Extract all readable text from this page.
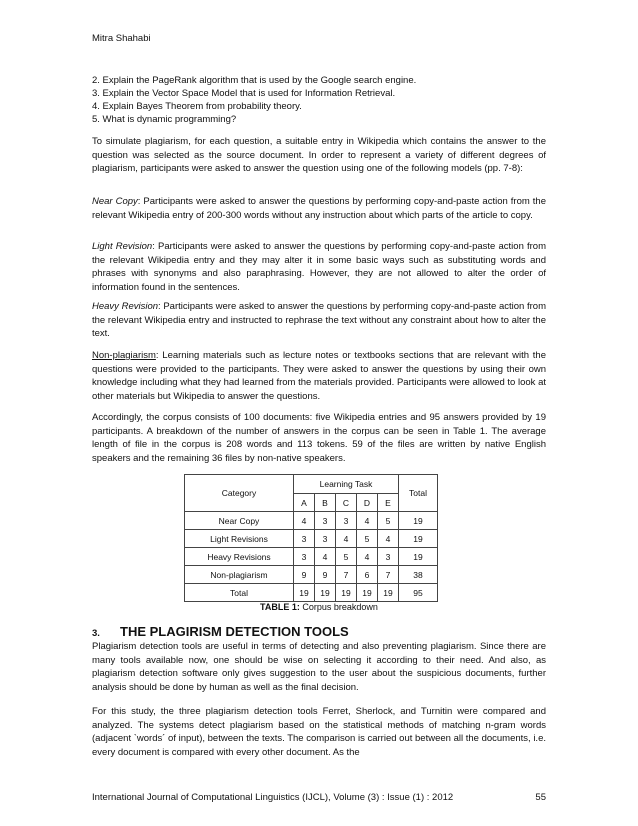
Mitra Shahabi
2. Explain the PageRank algorithm that is used by the Google search engine.
3. Explain the Vector Space Model that is used for Information Retrieval.
4. Explain Bayes Theorem from probability theory.
5. What is dynamic programming?

To simulate plagiarism, for each question, a suitable entry in Wikipedia which contains the answer to the question was selected as the source document. In order to represent a variety of different degrees of plagiarism, participants were asked to answer the question using one of the following models (pp. 7-8):

Near Copy: Participants were asked to answer the questions by performing copy-and-paste action from the relevant Wikipedia entry of 200-300 words without any instruction about which parts of the article to copy.

Light Revision: Participants were asked to answer the questions by performing copy-and-paste action from the relevant Wikipedia entry and they may alter it in some basic ways such as substituting words and phrases with synonyms and also paraphrasing. However, they are not allowed to alter the order of information found in the sentences.

Heavy Revision: Participants were asked to answer the questions by performing copy-and-paste action from the relevant Wikipedia entry and instructed to rephrase the text without any constraint about how to alter the text.

Non-plagiarism: Learning materials such as lecture notes or textbooks sections that are relevant with the questions were provided to the participants. They were asked to answer the questions by using their own knowledge including what they had learned from the materials provided. Participants were allowed to look at other materials but Wikipedia to answer the questions.

Accordingly, the corpus consists of 100 documents: five Wikipedia entries and 95 answers provided by 19 participants. A breakdown of the number of answers in the corpus can be seen in Table 1. The average length of file in the corpus is 208 words and 113 tokens. 59 of the files are written by native English speakers and the remaining 36 files by non-native speakers.

Category	Learning Task					Total
	A	B	C	D	E	
Near Copy	4	3	3	4	5	19
Light Revisions	3	3	4	5	4	19
Heavy Revisions	3	4	5	4	3	19
Non-plagiarism	9	9	7	6	7	38
Total	19	19	19	19	19	95
TABLE 1: Corpus breakdown
3. THE PLAGIRISM DETECTION TOOLS

Plagiarism detection tools are useful in terms of detecting and also preventing plagiarism. Since there are many tools available now, one should be wise on selecting it according to their need. And also, as plagiarism detection software only gives suggestion to the user about the suspicious documents, further analysis should be done by human as well as the final decision.

For this study, the three plagiarism detection tools Ferret, Sherlock, and Turnitin were compared and analyzed. The systems detect plagiarism based on the statistical methods of matching n-gram words (adjacent `words´ of input), between the texts. The comparison is carried out between all the documents, i.e. every document is compared with every other document. As the

International Journal of Computational Linguistics (IJCL), Volume (3) : Issue (1) : 2012	55
